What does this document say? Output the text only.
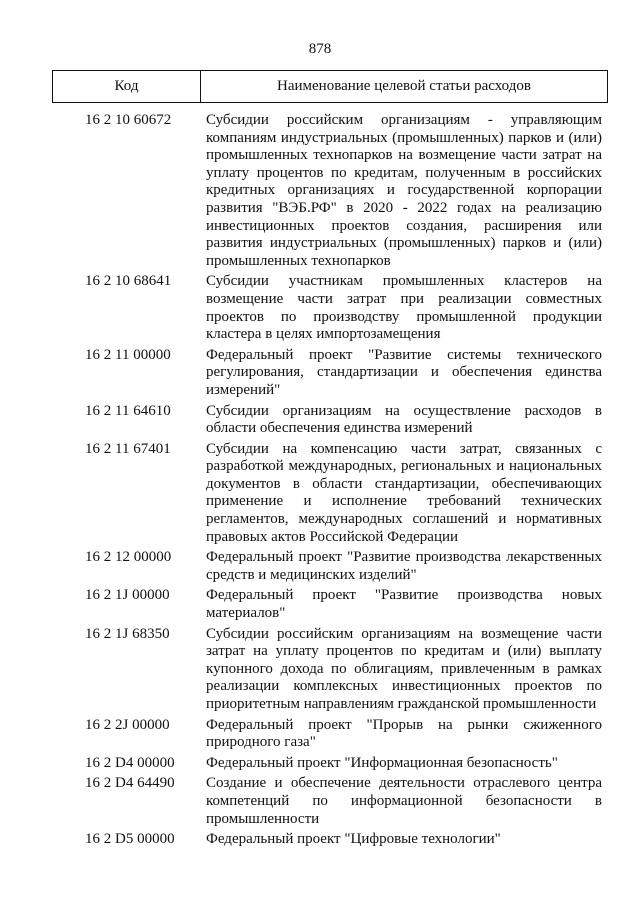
878
Код	Наименование целевой статьи расходов
16 2 10 60672	Субсидии российским организациям - управляющим компаниям индустриальных (промышленных) парков и (или) промышленных технопарков на возмещение части затрат на уплату процентов по кредитам, полученным в российских кредитных организациях и государственной корпорации развития "ВЭБ.РФ" в 2020 - 2022 годах на реализацию инвестиционных проектов создания, расширения или развития индустриальных (промышленных) парков и (или) промышленных технопарков
16 2 10 68641	Субсидии участникам промышленных кластеров на возмещение части затрат при реализации совместных проектов по производству промышленной продукции кластера в целях импортозамещения
16 2 11 00000	Федеральный проект "Развитие системы технического регулирования, стандартизации и обеспечения единства измерений"
16 2 11 64610	Субсидии организациям на осуществление расходов в области обеспечения единства измерений
16 2 11 67401	Субсидии на компенсацию части затрат, связанных с разработкой международных, региональных и национальных документов в области стандартизации, обеспечивающих применение и исполнение требований технических регламентов, международных соглашений и нормативных правовых актов Российской Федерации
16 2 12 00000	Федеральный проект "Развитие производства лекарственных средств и медицинских изделий"
16 2 1J 00000	Федеральный проект "Развитие производства новых материалов"
16 2 1J 68350	Субсидии российским организациям на возмещение части затрат на уплату процентов по кредитам и (или) выплату купонного дохода по облигациям, привлеченным в рамках реализации комплексных инвестиционных проектов по приоритетным направлениям гражданской промышленности
16 2 2J 00000	Федеральный проект "Прорыв на рынки сжиженного природного газа"
16 2 D4 00000	Федеральный проект "Информационная безопасность"
16 2 D4 64490	Создание и обеспечение деятельности отраслевого центра компетенций по информационной безопасности в промышленности
16 2 D5 00000	Федеральный проект "Цифровые технологии"
